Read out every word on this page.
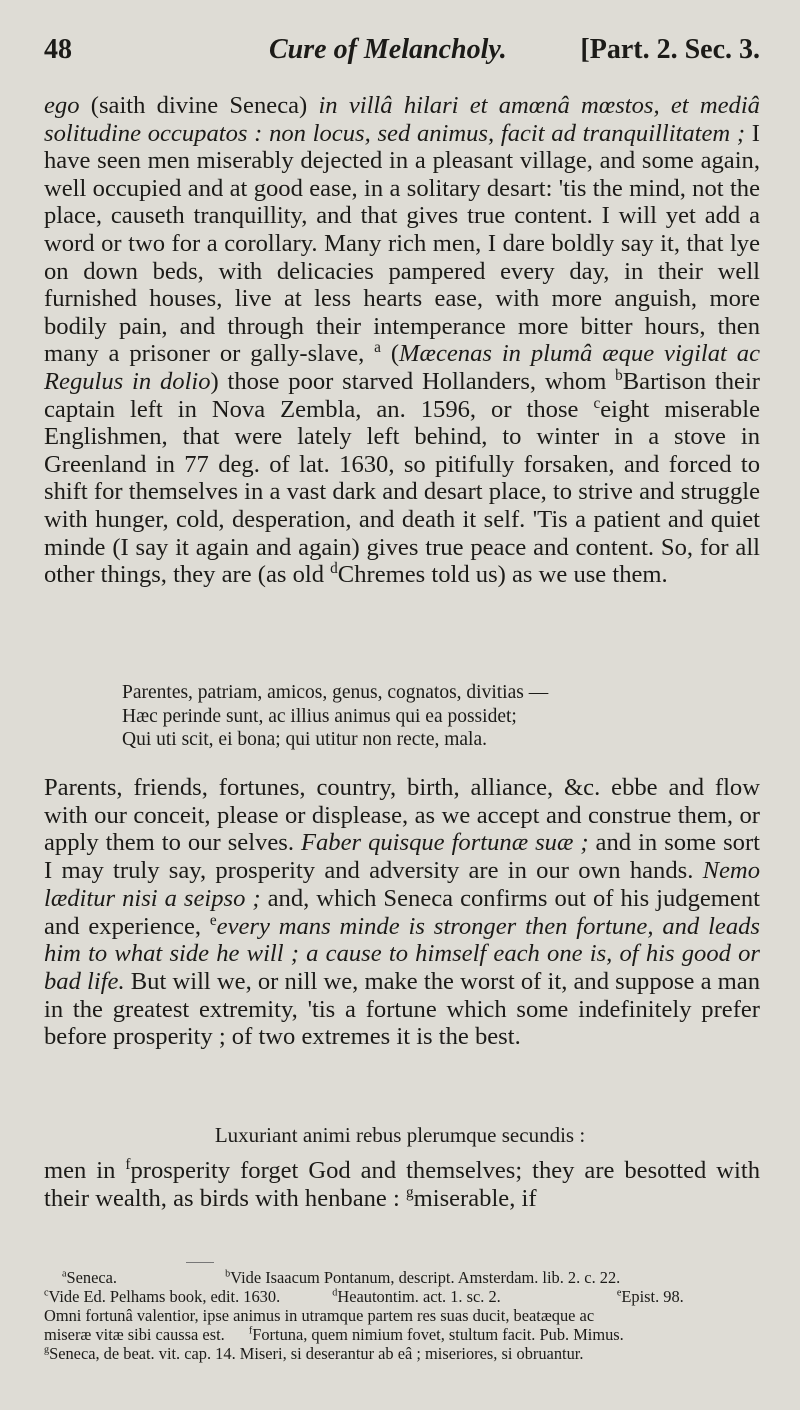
48	Cure of Melancholy.	[Part. 2. Sec. 3.

ego (saith divine Seneca) in villâ hilari et amœnâ mœstos, et mediâ solitudine occupatos : non locus, sed animus, facit ad tranquillitatem ; I have seen men miserably dejected in a pleasant village, and some again, well occupied and at good ease, in a solitary desart: 'tis the mind, not the place, causeth tranquillity, and that gives true content. I will yet add a word or two for a corollary. Many rich men, I dare boldly say it, that lye on down beds, with delicacies pampered every day, in their well furnished houses, live at less hearts ease, with more anguish, more bodily pain, and through their intemperance more bitter hours, then many a prisoner or gally-slave, $^a$ (Mæcenas in plumâ æque vigilat ac Regulus in dolio) those poor starved Hollanders, whom $^b$Bartison their captain left in Nova Zembla, an. 1596, or those $^c$eight miserable Englishmen, that were lately left behind, to winter in a stove in Greenland in 77 deg. of lat. 1630, so pitifully forsaken, and forced to shift for themselves in a vast dark and desart place, to strive and struggle with hunger, cold, desperation, and death it self. 'Tis a patient and quiet minde (I say it again and again) gives true peace and content. So, for all other things, they are (as old $^d$Chremes told us) as we use them.

Parentes, patriam, amicos, genus, cognatos, divitias —
Hæc perinde sunt, ac illius animus qui ea possidet;
Qui uti scit, ei bona; qui utitur non recte, mala.

Parents, friends, fortunes, country, birth, alliance, &c. ebbe and flow with our conceit, please or displease, as we accept and construe them, or apply them to our selves. Faber quisque fortunæ suæ ; and in some sort I may truly say, prosperity and adversity are in our own hands. Nemo læditur nisi a seipso ; and, which Seneca confirms out of his judgement and experience, $^e$every mans minde is stronger then fortune, and leads him to what side he will ; a cause to himself each one is, of his good or bad life. But will we, or nill we, make the worst of it, and suppose a man in the greatest extremity, 'tis a fortune which some indefinitely prefer before prosperity ; of two extremes it is the best.

Luxuriant animi rebus plerumque secundis :

men in $^f$prosperity forget God and themselves; they are besotted with their wealth, as birds with henbane : $^g$miserable, if

$^a$Seneca.	$^b$Vide Isaacum Pontanum, descript. Amsterdam. lib. 2. c. 22.
$^c$Vide Ed. Pelhams book, edit. 1630.	$^d$Heautontim. act. 1. sc. 2.	$^e$Epist. 98.
Omni fortunâ valentior, ipse animus in utramque partem res suas ducit, beatæque ac
miseræ vitæ sibi caussa est. $^f$Fortuna, quem nimium fovet, stultum facit. Pub. Mimus.
$^g$Seneca, de beat. vit. cap. 14. Miseri, si deserantur ab eâ ; miseriores, si obruantur.
